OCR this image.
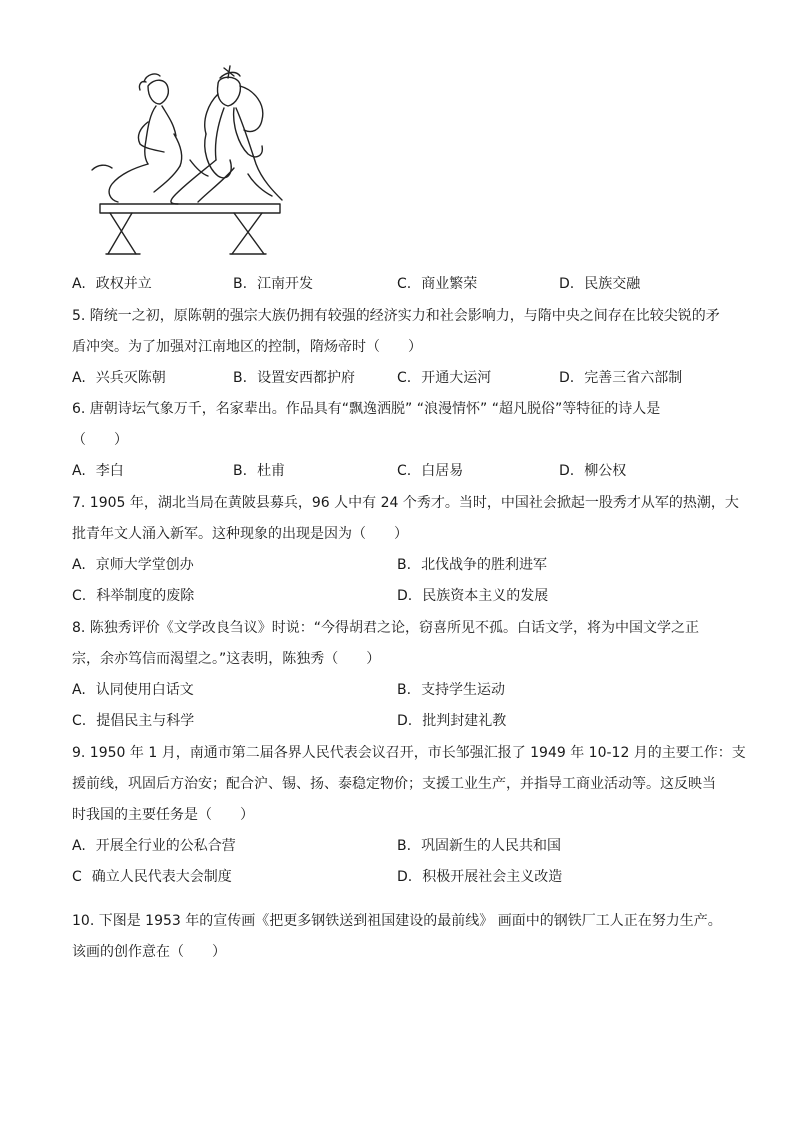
A. 政权并立	B. 江南开发	C. 商业繁荣	D. 民族交融
5. 隋统一之初，原陈朝的强宗大族仍拥有较强的经济实力和社会影响力，与隋中央之间存在比较尖锐的矛
盾冲突。为了加强对江南地区的控制，隋炀帝时（　　）
A. 兴兵灭陈朝	B. 设置安西都护府	C. 开通大运河	D. 完善三省六部制
6. 唐朝诗坛气象万千，名家辈出。作品具有“飘逸洒脱” “浪漫情怀” “超凡脱俗”等特征的诗人是
（　　）
A. 李白	B. 杜甫	C. 白居易	D. 柳公权
7. 1905 年，湖北当局在黄陂县募兵，96 人中有 24 个秀才。当时，中国社会掀起一股秀才从军的热潮，大
批青年文人涌入新军。这种现象的出现是因为（　　）
A. 京师大学堂创办	B. 北伐战争的胜利进军
C. 科举制度的废除	D. 民族资本主义的发展
8. 陈独秀评价《文学改良刍议》时说：“今得胡君之论，窃喜所见不孤。白话文学，将为中国文学之正
宗，余亦笃信而渴望之。”这表明，陈独秀（　　）
A. 认同使用白话文	B. 支持学生运动
C. 提倡民主与科学	D. 批判封建礼教
9. 1950 年 1 月，南通市第二届各界人民代表会议召开，市长邹强汇报了 1949 年 10-12 月的主要工作：支
援前线，巩固后方治安；配合沪、锡、扬、泰稳定物价；支援工业生产，并指导工商业活动等。这反映当
时我国的主要任务是（　　）
A. 开展全行业的公私合营	B. 巩固新生的人民共和国
C 确立人民代表大会制度	D. 积极开展社会主义改造
10. 下图是 1953 年的宣传画《把更多钢铁送到祖国建设的最前线》 画面中的钢铁厂工人正在努力生产。
该画的创作意在（　　）
